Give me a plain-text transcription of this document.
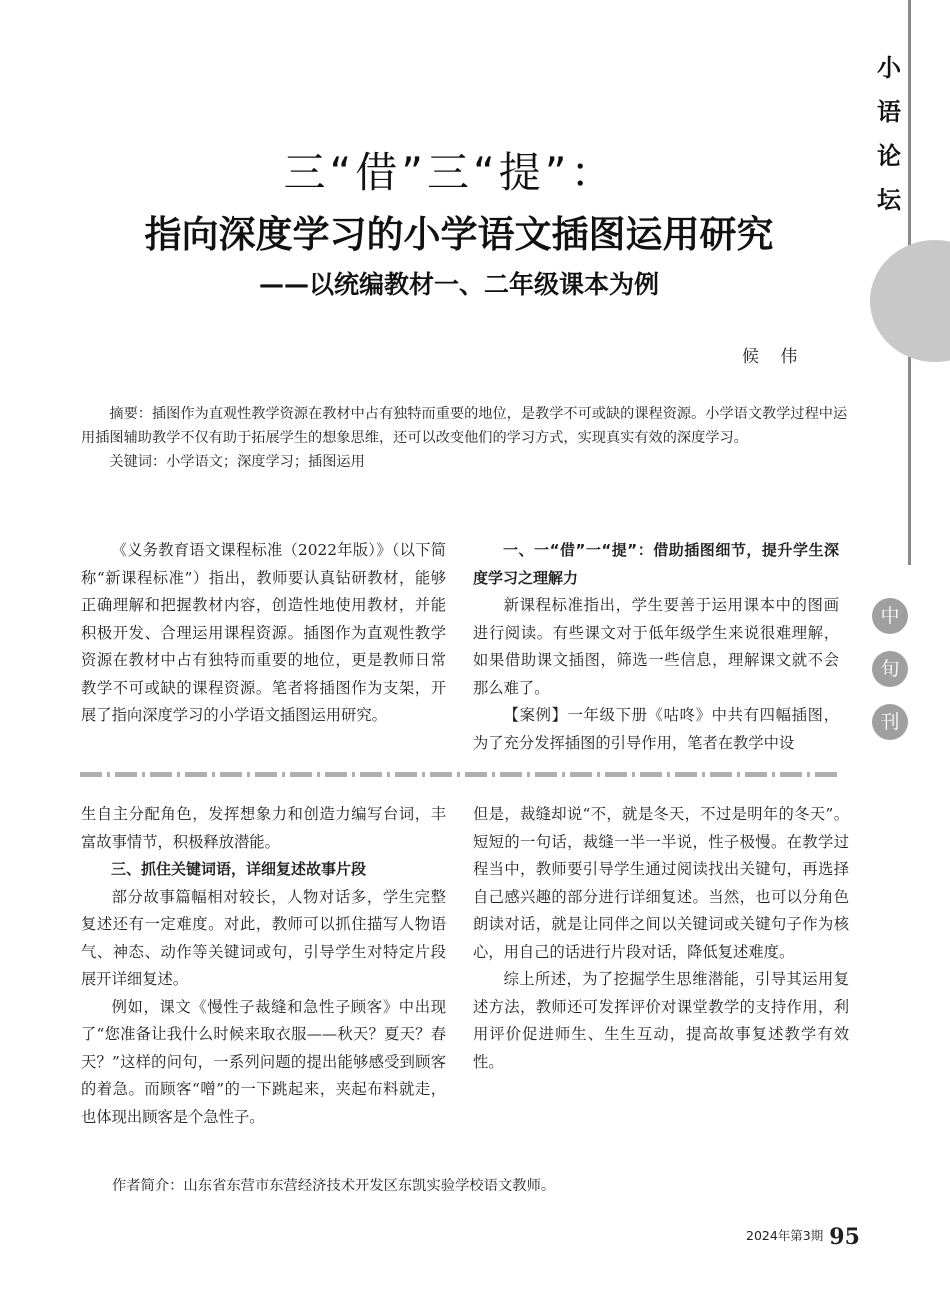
小
语
论
坛
中
旬
刊
三“借”三“提”：
指向深度学习的小学语文插图运用研究
——以统编教材一、二年级课本为例
候 伟

摘要：插图作为直观性教学资源在教材中占有独特而重要的地位，是教学不可或缺的课程资源。小学语文教学过程中运用插图辅助教学不仅有助于拓展学生的想象思维，还可以改变他们的学习方式，实现真实有效的深度学习。

关键词：小学语文；深度学习；插图运用

《义务教育语文课程标准（2022年版）》（以下简称“新课程标准”）指出，教师要认真钻研教材，能够正确理解和把握教材内容，创造性地使用教材，并能积极开发、合理运用课程资源。插图作为直观性教学资源在教材中占有独特而重要的地位，更是教师日常教学不可或缺的课程资源。笔者将插图作为支架，开展了指向深度学习的小学语文插图运用研究。

一、一“借”一“提”：借助插图细节，提升学生深度学习之理解力

新课程标准指出，学生要善于运用课本中的图画进行阅读。有些课文对于低年级学生来说很难理解，如果借助课文插图，筛选一些信息，理解课文就不会那么难了。

【案例】一年级下册《咕咚》中共有四幅插图，为了充分发挥插图的引导作用，笔者在教学中设

生自主分配角色，发挥想象力和创造力编写台词，丰富故事情节，积极释放潜能。

三、抓住关键词语，详细复述故事片段

部分故事篇幅相对较长，人物对话多，学生完整复述还有一定难度。对此，教师可以抓住描写人物语气、神态、动作等关键词或句，引导学生对特定片段展开详细复述。

例如，课文《慢性子裁缝和急性子顾客》中出现了“您准备让我什么时候来取衣服——秋天？夏天？春天？”这样的问句，一系列问题的提出能够感受到顾客的着急。而顾客“噌”的一下跳起来，夹起布料就走，也体现出顾客是个急性子。

但是，裁缝却说“不，就是冬天，不过是明年的冬天”。短短的一句话，裁缝一半一半说，性子极慢。在教学过程当中，教师要引导学生通过阅读找出关键句，再选择自己感兴趣的部分进行详细复述。当然，也可以分角色朗读对话，就是让同伴之间以关键词或关键句子作为核心，用自己的话进行片段对话，降低复述难度。

综上所述，为了挖掘学生思维潜能，引导其运用复述方法，教师还可发挥评价对课堂教学的支持作用，利用评价促进师生、生生互动，提高故事复述教学有效性。

作者简介：山东省东营市东营经济技术开发区东凯实验学校语文教师。
$^{2024年第3期}$ 95
